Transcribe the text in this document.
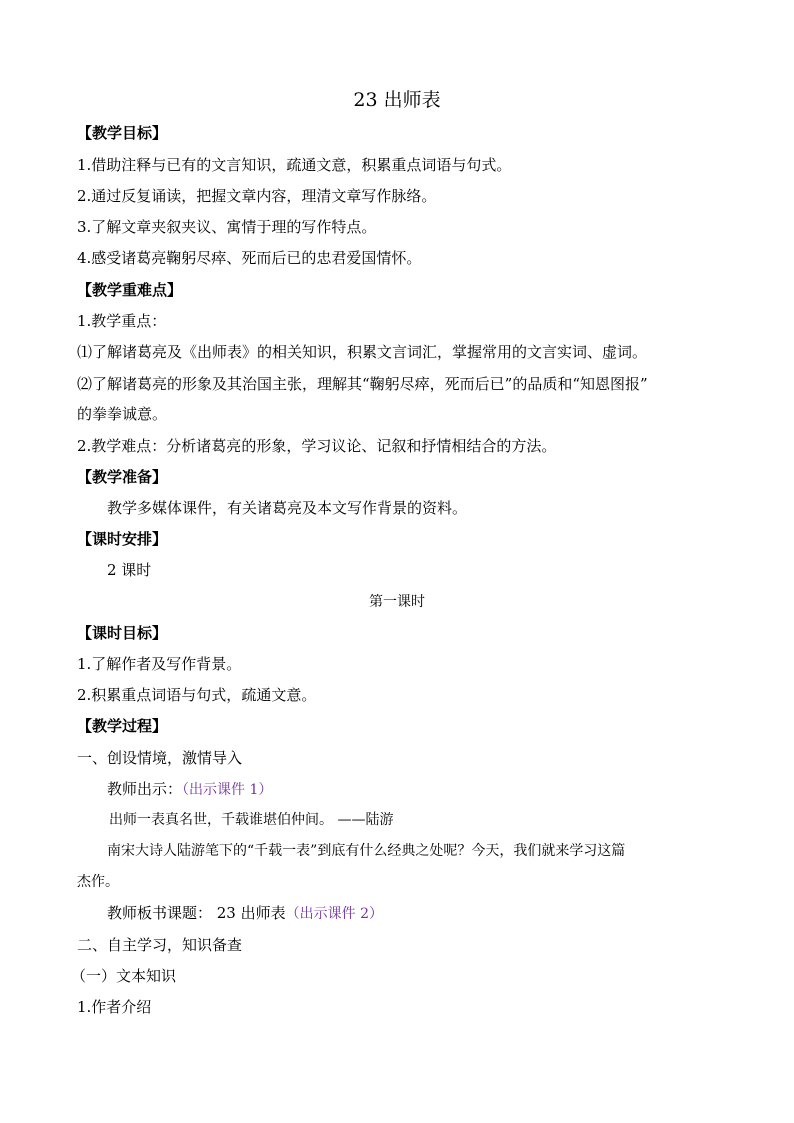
23 出师表
【教学目标】
1.借助注释与已有的文言知识，疏通文意，积累重点词语与句式。
2.通过反复诵读，把握文章内容，理清文章写作脉络。
3.了解文章夹叙夹议、寓情于理的写作特点。
4.感受诸葛亮鞠躬尽瘁、死而后已的忠君爱国情怀。
【教学重难点】
1.教学重点：
⑴了解诸葛亮及《出师表》的相关知识，积累文言词汇，掌握常用的文言实词、虚词。
⑵了解诸葛亮的形象及其治国主张，理解其“鞠躬尽瘁，死而后已”的品质和“知恩图报”
的拳拳诚意。
2.教学难点：分析诸葛亮的形象，学习议论、记叙和抒情相结合的方法。
【教学准备】
教学多媒体课件，有关诸葛亮及本文写作背景的资料。
【课时安排】
2 课时
第一课时
【课时目标】
1.了解作者及写作背景。
2.积累重点词语与句式，疏通文意。
【教学过程】
一、创设情境，激情导入
教师出示：（出示课件 1）
出师一表真名世，千载谁堪伯仲间。 ——陆游
南宋大诗人陆游笔下的“千载一表”到底有什么经典之处呢？今天，我们就来学习这篇
杰作。
教师板书课题： 23 出师表（出示课件 2）
二、自主学习，知识备查
（一）文本知识
1.作者介绍
